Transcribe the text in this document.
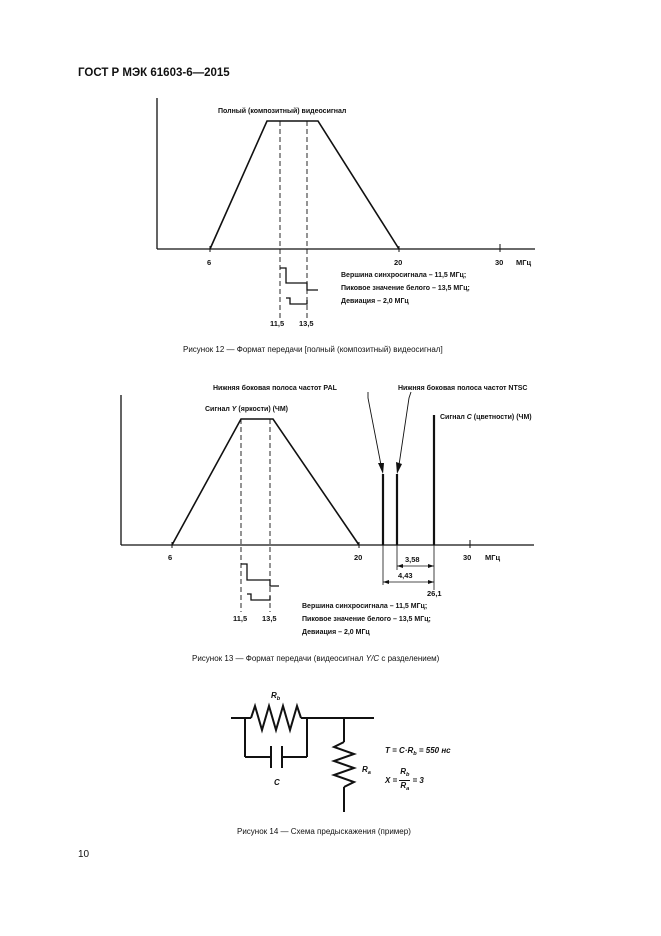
ГОСТ Р МЭК 61603-6—2015
Полный (композитный) видеосигнал
6	20	30 МГц
Вершина синхросигнала – 11,5 МГц;
Пиковое значение белого – 13,5 МГц;
Девиация – 2,0 МГц
11,5 13,5
Рисунок 12 — Формат передачи [полный (композитный) видеосигнал]
Нижняя боковая полоса частот PAL	Нижняя боковая полоса частот NTSC
Сигнал Y (яркости) (ЧМ)
Сигнал C (цветности) (ЧМ)
6	20	30 МГц
3,58
4,43
26,1
Вершина синхросигнала – 11,5 МГц;
Пиковое значение белого – 13,5 МГц;
Девиация – 2,0 МГц
11,5 13,5
Рисунок 13 — Формат передачи (видеосигнал Y/C с разделением)
$R_b$
C
$R_a$
$T = C\cdot R_b = 550$ нс
$X = \frac{R_b}{R_a} = 3$
Рисунок 14 — Схема предыскажения (пример)
10
